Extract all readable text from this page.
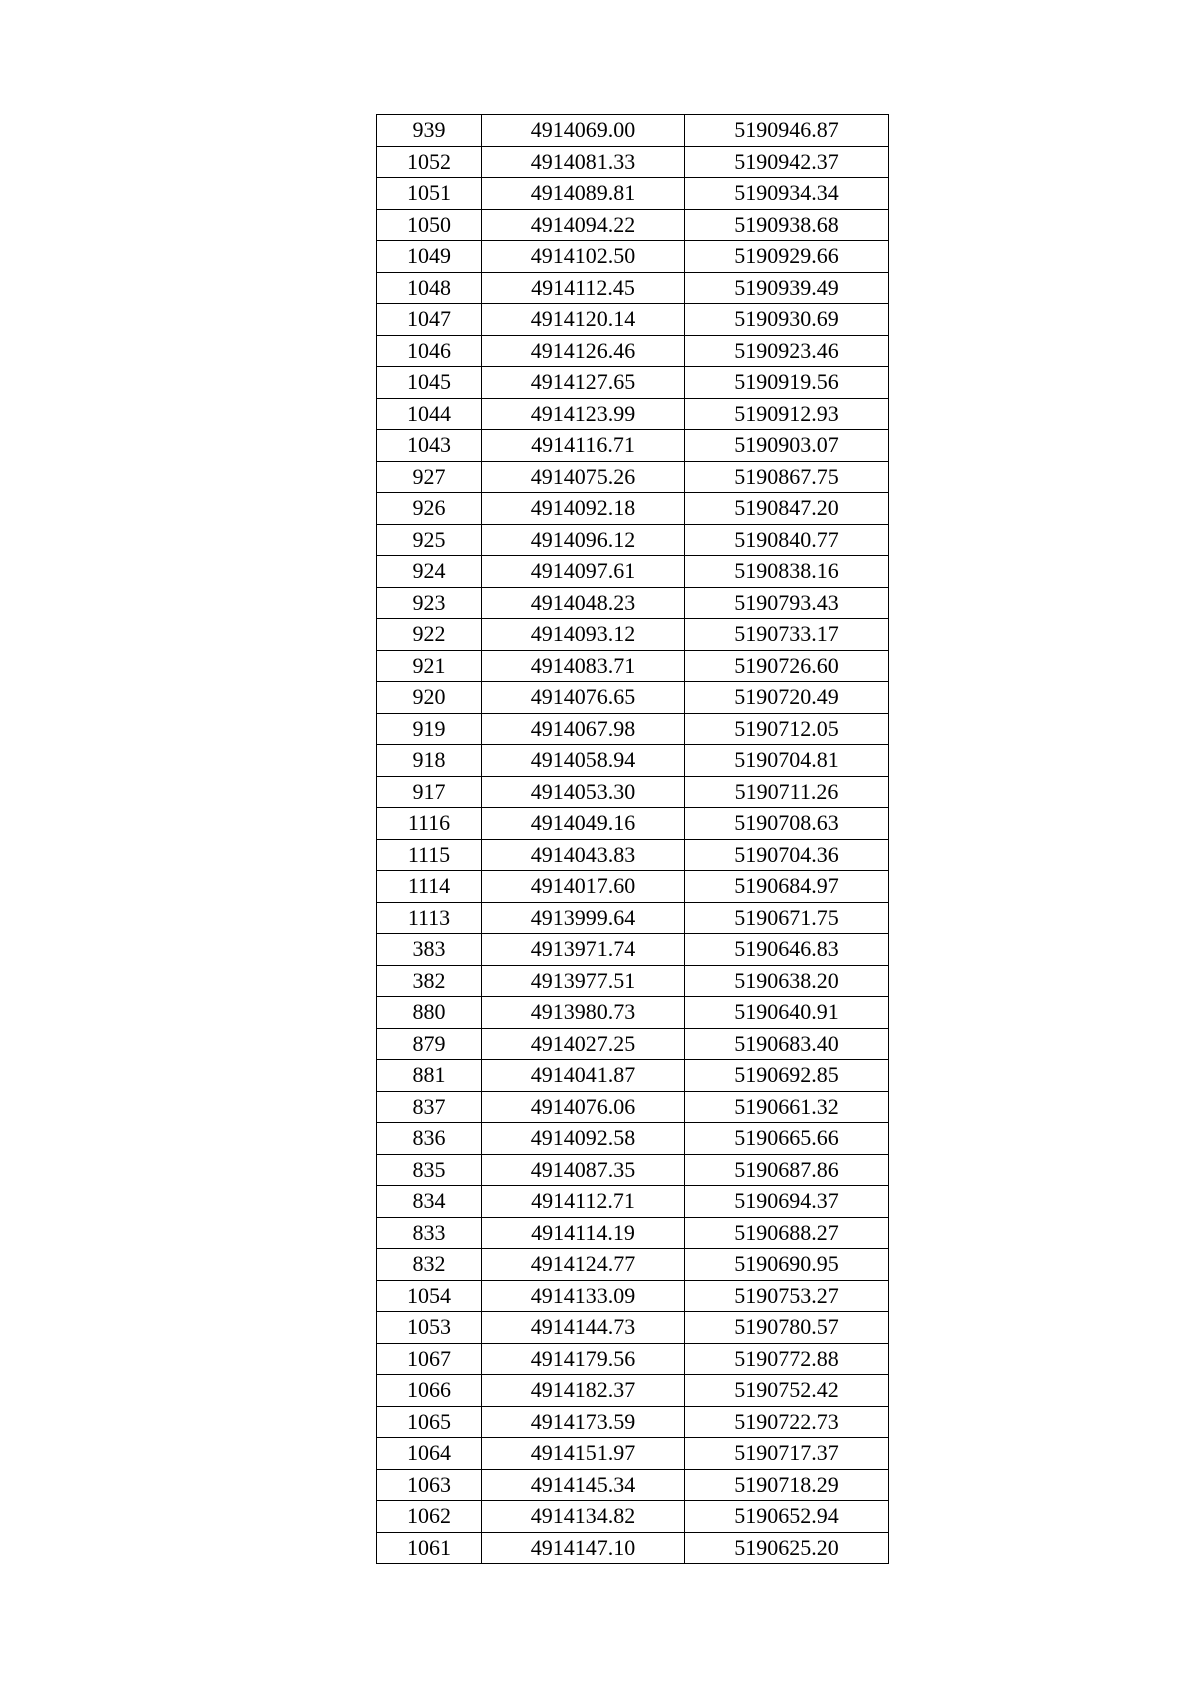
939	4914069.00	5190946.87
1052	4914081.33	5190942.37
1051	4914089.81	5190934.34
1050	4914094.22	5190938.68
1049	4914102.50	5190929.66
1048	4914112.45	5190939.49
1047	4914120.14	5190930.69
1046	4914126.46	5190923.46
1045	4914127.65	5190919.56
1044	4914123.99	5190912.93
1043	4914116.71	5190903.07
927	4914075.26	5190867.75
926	4914092.18	5190847.20
925	4914096.12	5190840.77
924	4914097.61	5190838.16
923	4914048.23	5190793.43
922	4914093.12	5190733.17
921	4914083.71	5190726.60
920	4914076.65	5190720.49
919	4914067.98	5190712.05
918	4914058.94	5190704.81
917	4914053.30	5190711.26
1116	4914049.16	5190708.63
1115	4914043.83	5190704.36
1114	4914017.60	5190684.97
1113	4913999.64	5190671.75
383	4913971.74	5190646.83
382	4913977.51	5190638.20
880	4913980.73	5190640.91
879	4914027.25	5190683.40
881	4914041.87	5190692.85
837	4914076.06	5190661.32
836	4914092.58	5190665.66
835	4914087.35	5190687.86
834	4914112.71	5190694.37
833	4914114.19	5190688.27
832	4914124.77	5190690.95
1054	4914133.09	5190753.27
1053	4914144.73	5190780.57
1067	4914179.56	5190772.88
1066	4914182.37	5190752.42
1065	4914173.59	5190722.73
1064	4914151.97	5190717.37
1063	4914145.34	5190718.29
1062	4914134.82	5190652.94
1061	4914147.10	5190625.20
